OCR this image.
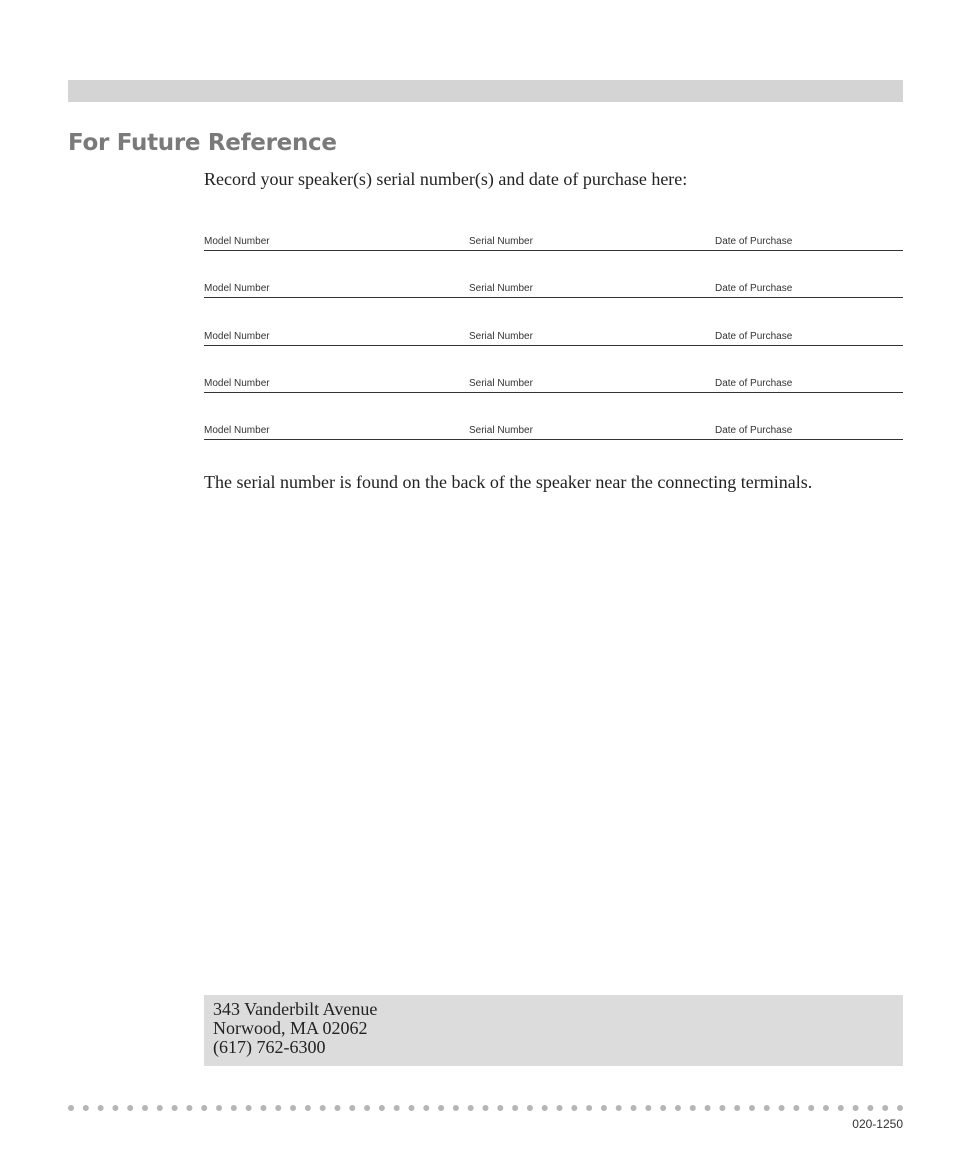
For Future Reference

Record your speaker(s) serial number(s) and date of purchase here:

Model Number	Serial Number	Date of Purchase
Model Number	Serial Number	Date of Purchase
Model Number	Serial Number	Date of Purchase
Model Number	Serial Number	Date of Purchase
Model Number	Serial Number	Date of Purchase

The serial number is found on the back of the speaker near the connecting terminals.

343 Vanderbilt Avenue
Norwood, MA 02062
(617) 762-6300
020-1250
